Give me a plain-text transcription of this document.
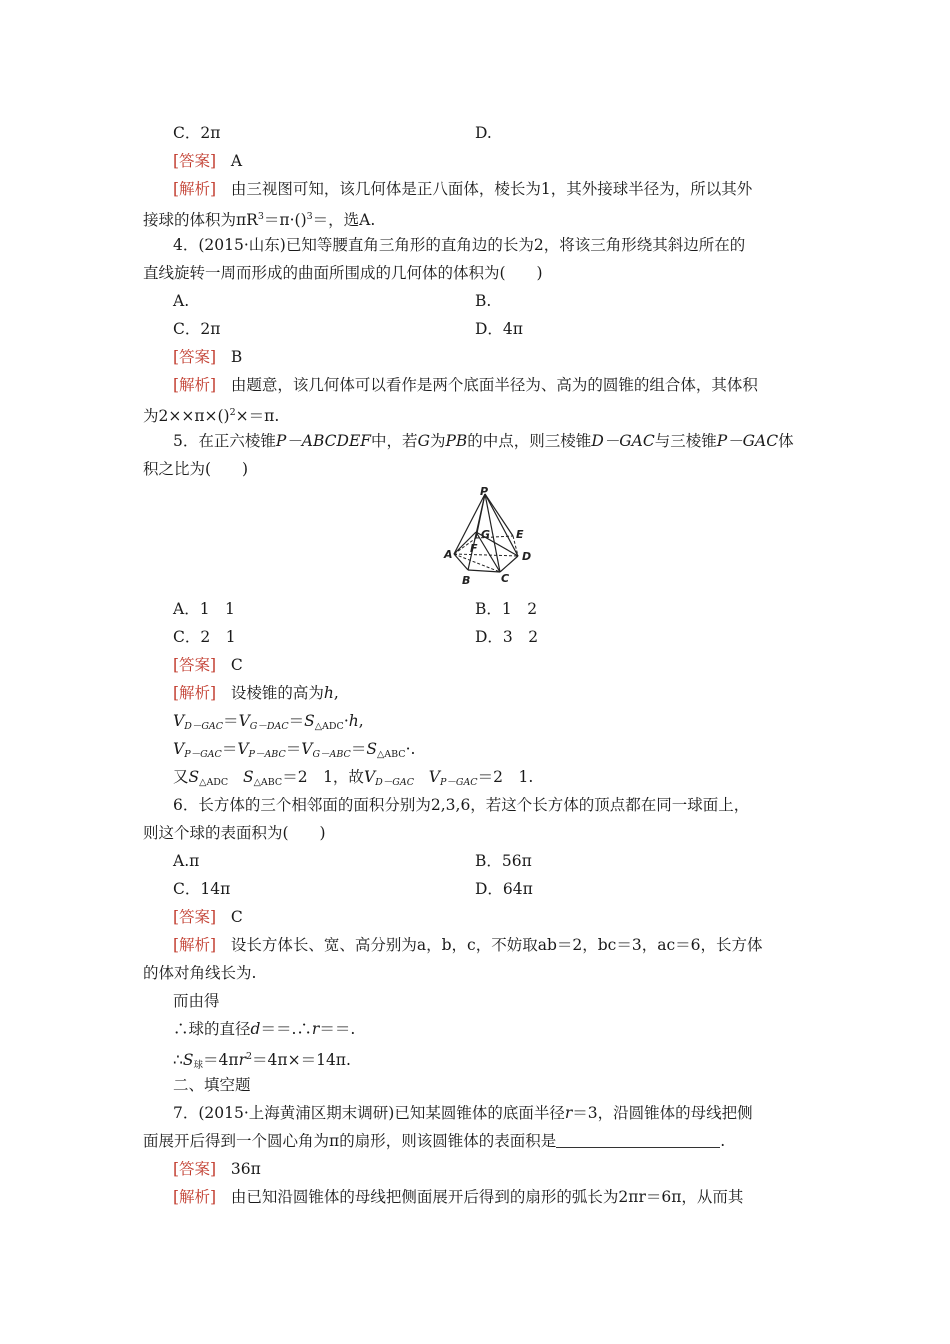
C．2π	D.
[答案] A
[解析] 由三视图可知，该几何体是正八面体，棱长为1，其外接球半径为，所以其外
接球的体积为$\pi R^3=\pi\cdot()^3=$，选A.
4．(2015·山东)已知等腰直角三角形的直角边的长为2，将该三角形绕其斜边所在的
直线旋转一周而形成的曲面所围成的几何体的体积为(　　)
A.	B.
C．2π	D．4π
[答案] B
[解析] 由题意，该几何体可以看作是两个底面半径为、高为的圆锥的组合体，其体积
为2××π×()$^2$×＝π.
5．在正六棱锥P－ABCDEF中，若G为PB的中点，则三棱锥D－GAC与三棱锥P－GAC体
积之比为(　　)
P
G E
F
A	D
B	C
A．1　1	B．1　2
C．2　1	D．3　2
[答案] C
[解析] 设棱锥的高为h,
$V_{D-GAC}=V_{G-DAC}=S_{\triangle ADC}\cdot h$,
$V_{P-GAC}=V_{P-ABC}=V_{G-ABC}=S_{\triangle ABC}\cdot$.
又$S_{\triangle ADC}$ $S_{\triangle ABC}=2$　1，故$V_{D-GAC}$ $V_{P-GAC}=2$　1.
6．长方体的三个相邻面的面积分别为2,3,6，若这个长方体的顶点都在同一球面上，
则这个球的表面积为(　　)
A.π	B．56π
C．14π	D．64π
[答案] C
[解析] 设长方体长、宽、高分别为a，b，c，不妨取ab＝2，bc＝3，ac＝6，长方体
的体对角线长为.
而由得
∴球的直径d＝＝.∴r＝＝.
$\therefore S_球=4\pi r^2=4\pi\times=14\pi$.
二、填空题
7．(2015·上海黄浦区期末调研)已知某圆锥体的底面半径r＝3，沿圆锥体的母线把侧
面展开后得到一个圆心角为π的扇形，则该圆锥体的表面积是	.
[答案] 36π
[解析] 由已知沿圆锥体的母线把侧面展开后得到的扇形的弧长为2πr＝6π，从而其
